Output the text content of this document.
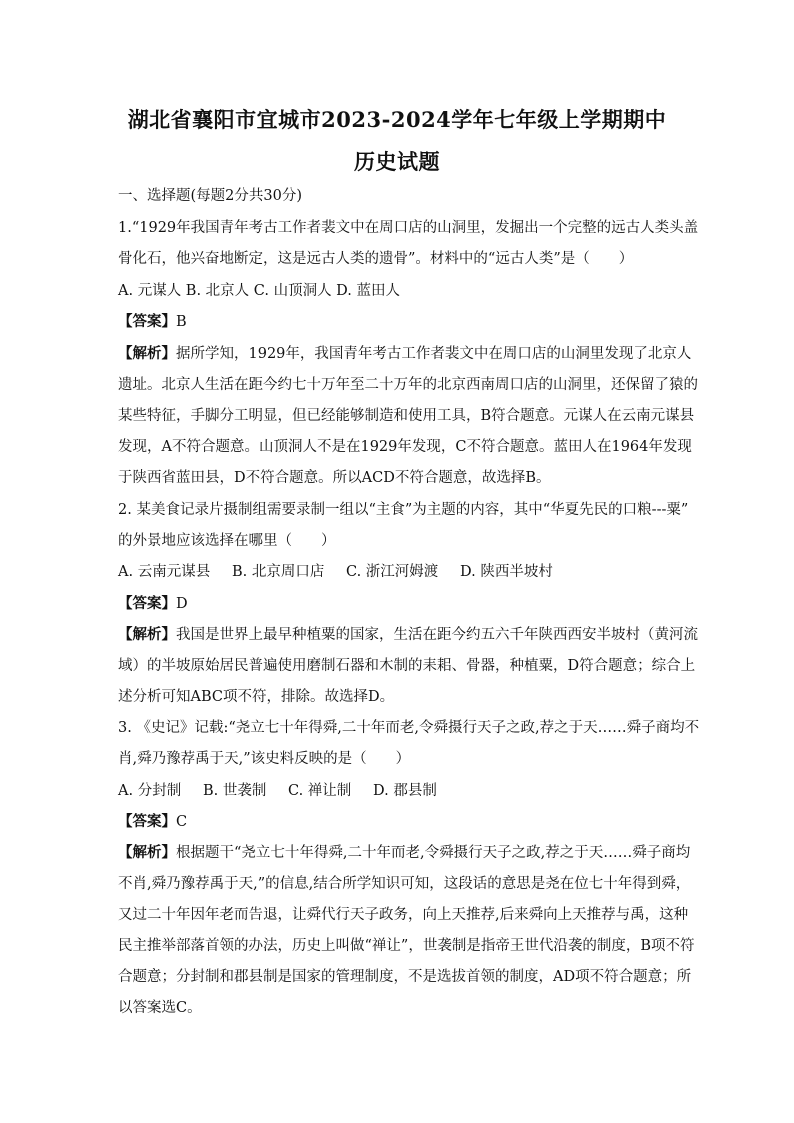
湖北省襄阳市宜城市2023-2024学年七年级上学期期中
历史试题
一、选择题(每题2分共30分)
1.“1929年我国青年考古工作者裴文中在周口店的山洞里，发掘出一个完整的远古人类头盖
骨化石，他兴奋地断定，这是远古人类的遗骨”。材料中的“远古人类”是（　　）
A. 元谋人 B. 北京人 C. 山顶洞人 D. 蓝田人
【答案】B
【解析】据所学知，1929年，我国青年考古工作者裴文中在周口店的山洞里发现了北京人
遗址。北京人生活在距今约七十万年至二十万年的北京西南周口店的山洞里，还保留了猿的
某些特征，手脚分工明显，但已经能够制造和使用工具，B符合题意。元谋人在云南元谋县
发现，A不符合题意。山顶洞人不是在1929年发现，C不符合题意。蓝田人在1964年发现
于陕西省蓝田县，D不符合题意。所以ACD不符合题意，故选择B。
2. 某美食记录片摄制组需要录制一组以“主食”为主题的内容，其中“华夏先民的口粮---粟”
的外景地应该选择在哪里（　　）
A. 云南元谋县 B. 北京周口店 C. 浙江河姆渡 D. 陕西半坡村
【答案】D
【解析】我国是世界上最早种植粟的国家，生活在距今约五六千年陕西西安半坡村（黄河流
域）的半坡原始居民普遍使用磨制石器和木制的耒耜、骨器，种植粟，D符合题意；综合上
述分析可知ABC项不符，排除。故选择D。
3. 《史记》记载:“尧立七十年得舜,二十年而老,令舜摄行天子之政,荐之于天……舜子商均不
肖,舜乃豫荐禹于天,”该史料反映的是（　　）
A. 分封制 B. 世袭制 C. 禅让制 D. 郡县制
【答案】C
【解析】根据题干“尧立七十年得舜,二十年而老,令舜摄行天子之政,荐之于天……舜子商均
不肖,舜乃豫荐禹于天,”的信息,结合所学知识可知，这段话的意思是尧在位七十年得到舜，
又过二十年因年老而告退，让舜代行天子政务，向上天推荐,后来舜向上天推荐与禹，这种
民主推举部落首领的办法，历史上叫做“禅让”，世袭制是指帝王世代沿袭的制度，B项不符
合题意；分封制和郡县制是国家的管理制度，不是选拔首领的制度，AD项不符合题意；所
以答案选C。
